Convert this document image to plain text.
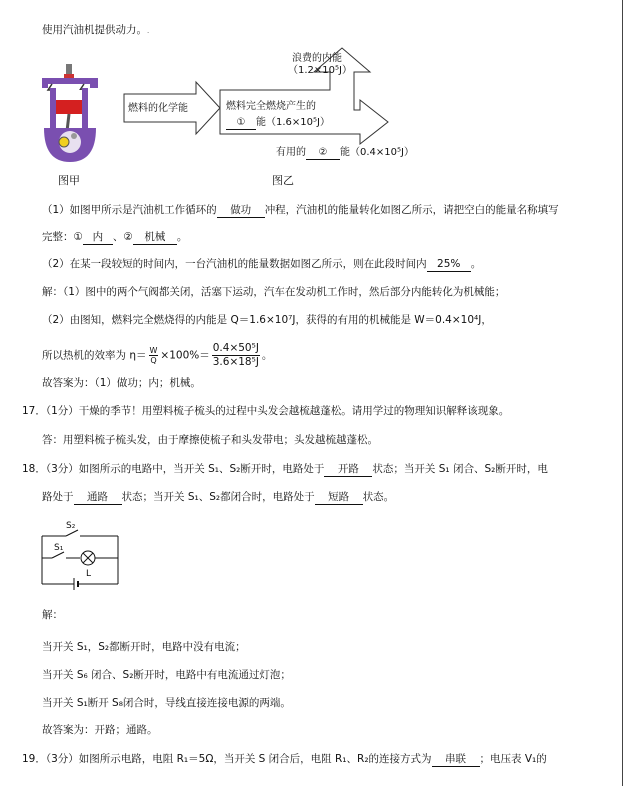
使用汽油机提供动力。.
图甲
燃料的化学能	燃料完全燃烧产生的
① 能（1.6×10⁵J）
浪费的内能
（1.2×10⁵J）
有用的 ② 能（0.4×10⁵J）
图乙
（1）如图甲所示是汽油机工作循环的 做功 冲程，汽油机的能量转化如图乙所示，请把空白的能量名称填写
完整：① 内 、② 机械 。
（2）在某一段较短的时间内，一台汽油机的能量数据如图乙所示，则在此段时间内 25% 。
解：（1）图中的两个气阀都关闭，活塞下运动，汽车在发动机工作时，然后部分内能转化为机械能；
（2）由图知，燃料完全燃烧得的内能是 Q＝1.6×10⁷J，获得的有用的机械能是 W＝0.4×10⁴J，
所以热机的效率为 $\eta= \frac{W}{Q} \times 100\%= \frac{\text{0.4×50⁵J}}{\text{3.6×18⁵J}}$ 。
故答案为：（1）做功；内；机械。
17．（1分）干燥的季节！用塑料梳子梳头的过程中头发会越梳越蓬松。请用学过的物理知识解释该现象。
答：用塑料梳子梳头发，由于摩擦使梳子和头发带电；头发越梳越蓬松。
18．（3分）如图所示的电路中，当开关 S₁、S₂断开时，电路处于 开路 状态；当开关 S₁ 闭合、S₂断开时，电
路处于 通路 状态；当开关 S₁、S₂都闭合时，电路处于 短路 状态。
S₂
S₁
L
解：
当开关 S₁，S₂都断开时，电路中没有电流；
当开关 S₆ 闭合、S₂断开时，电路中有电流通过灯泡；
当开关 S₁断开 S₈闭合时，导线直接连接电源的两端。
故答案为：开路；通路。
19．（3分）如图所示电路，电阻 R₁＝5Ω，当开关 S 闭合后，电阻 R₁、R₂的连接方式为 串联 ；电压表 V₁的
